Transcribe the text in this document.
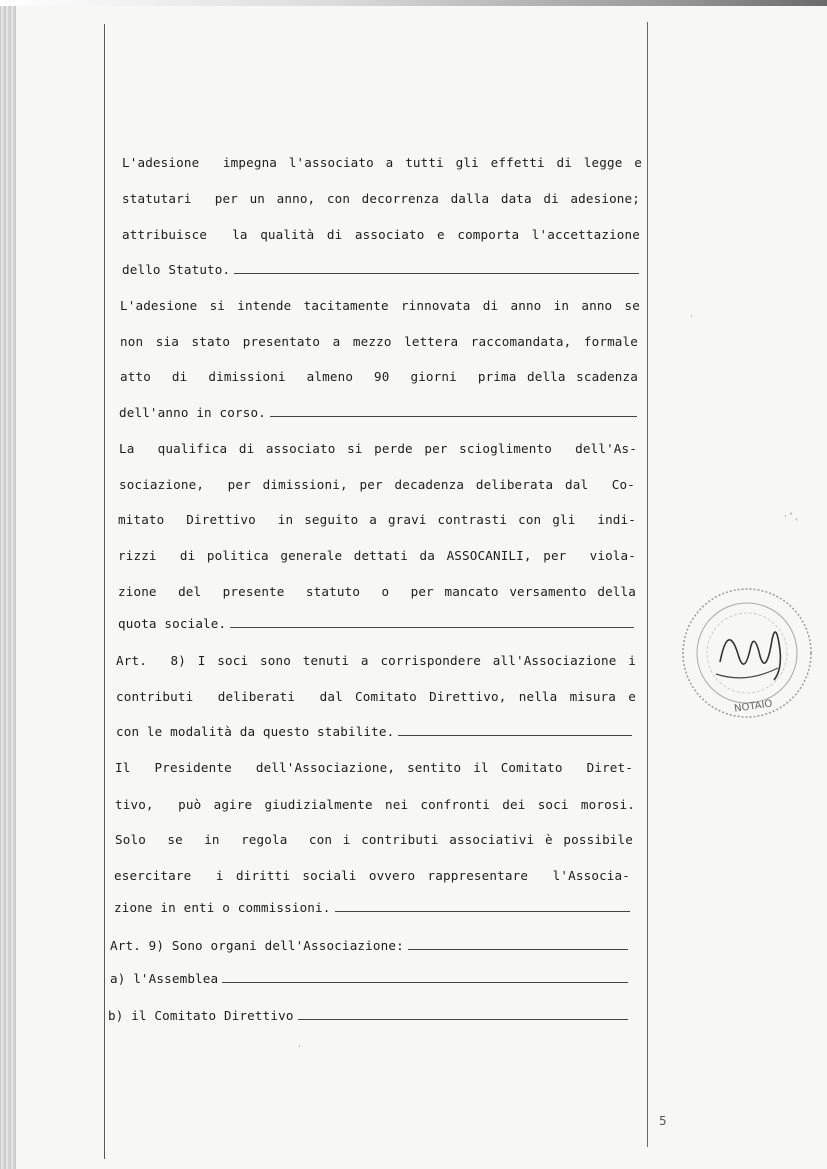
L'adesione  impegna l'associato a tutti gli effetti di legge e
statutari  per un anno, con decorrenza dalla data di adesione;
attribuisce  la qualità di associato e comporta l'accettazione
dello Statuto.
L'adesione si intende tacitamente rinnovata di anno in anno se
non sia stato presentato a mezzo lettera raccomandata, formale
atto  di  dimissioni  almeno  90  giorni  prima della scadenza
dell'anno in corso.
La  qualifica di associato si perde per scioglimento  dell'As-
sociazione,  per dimissioni, per decadenza deliberata dal  Co-
mitato  Direttivo  in seguito a gravi contrasti con gli  indi-
rizzi  di politica generale dettati da ASSOCANILI, per  viola-
zione  del  presente  statuto  o  per mancato versamento della
quota sociale.
Art.  8) I soci sono tenuti a corrispondere all'Associazione i
contributi  deliberati  dal Comitato Direttivo, nella misura e
con le modalità da questo stabilite.
Il  Presidente  dell'Associazione, sentito il Comitato  Diret-
tivo,  può agire giudizialmente nei confronti dei soci morosi.
Solo  se  in  regola  con i contributi associativi è possibile
esercitare  i diritti sociali ovvero rappresentare  l'Associa-
zione in enti o commissioni.
Art. 9) Sono organi dell'Associazione:
a) l'Assemblea
b) il Comitato Direttivo
· ' ˌ
·
·
NOTAIO
5
